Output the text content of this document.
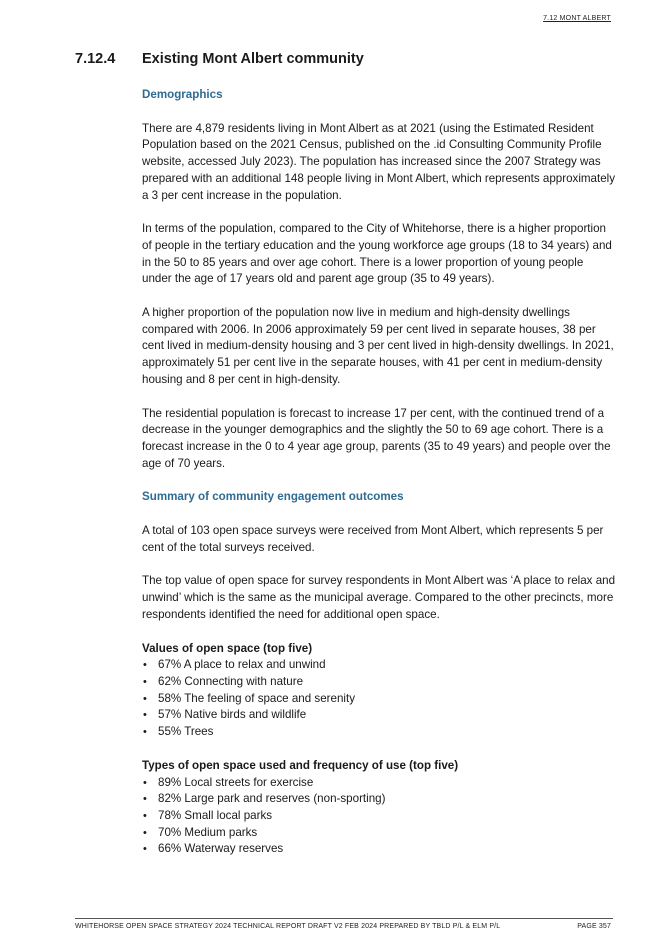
7.12 MONT ALBERT
7.12.4 Existing Mont Albert community
Demographics

There are 4,879 residents living in Mont Albert as at 2021 (using the Estimated Resident Population based on the 2021 Census, published on the .id Consulting Community Profile website, accessed July 2023). The population has increased since the 2007 Strategy was prepared with an additional 148 people living in Mont Albert, which represents approximately a 3 per cent increase in the population.

In terms of the population, compared to the City of Whitehorse, there is a higher proportion of people in the tertiary education and the young workforce age groups (18 to 34 years) and in the 50 to 85 years and over age cohort. There is a lower proportion of young people under the age of 17 years old and parent age group (35 to 49 years).

A higher proportion of the population now live in medium and high-density dwellings compared with 2006. In 2006 approximately 59 per cent lived in separate houses, 38 per cent lived in medium-density housing and 3 per cent lived in high-density dwellings. In 2021, approximately 51 per cent live in the separate houses, with 41 per cent in medium-density housing and 8 per cent in high-density.

The residential population is forecast to increase 17 per cent, with the continued trend of a decrease in the younger demographics and the slightly the 50 to 69 age cohort. There is a forecast increase in the 0 to 4 year age group, parents (35 to 49 years) and people over the age of 70 years.

Summary of community engagement outcomes

A total of 103 open space surveys were received from Mont Albert, which represents 5 per cent of the total surveys received.

The top value of open space for survey respondents in Mont Albert was ‘A place to relax and unwind’ which is the same as the municipal average. Compared to the other precincts, more respondents identified the need for additional open space.

Values of open space (top five)
• 67% A place to relax and unwind
• 62% Connecting with nature
• 58% The feeling of space and serenity
• 57% Native birds and wildlife
• 55% Trees
Types of open space used and frequency of use (top five)
• 89% Local streets for exercise
• 82% Large park and reserves (non-sporting)
• 78% Small local parks
• 70% Medium parks
• 66% Waterway reserves
WHITEHORSE OPEN SPACE STRATEGY 2024 TECHNICAL REPORT DRAFT V2 FEB 2024 PREPARED BY TBLD P/L & ELM P/L	PAGE 357
